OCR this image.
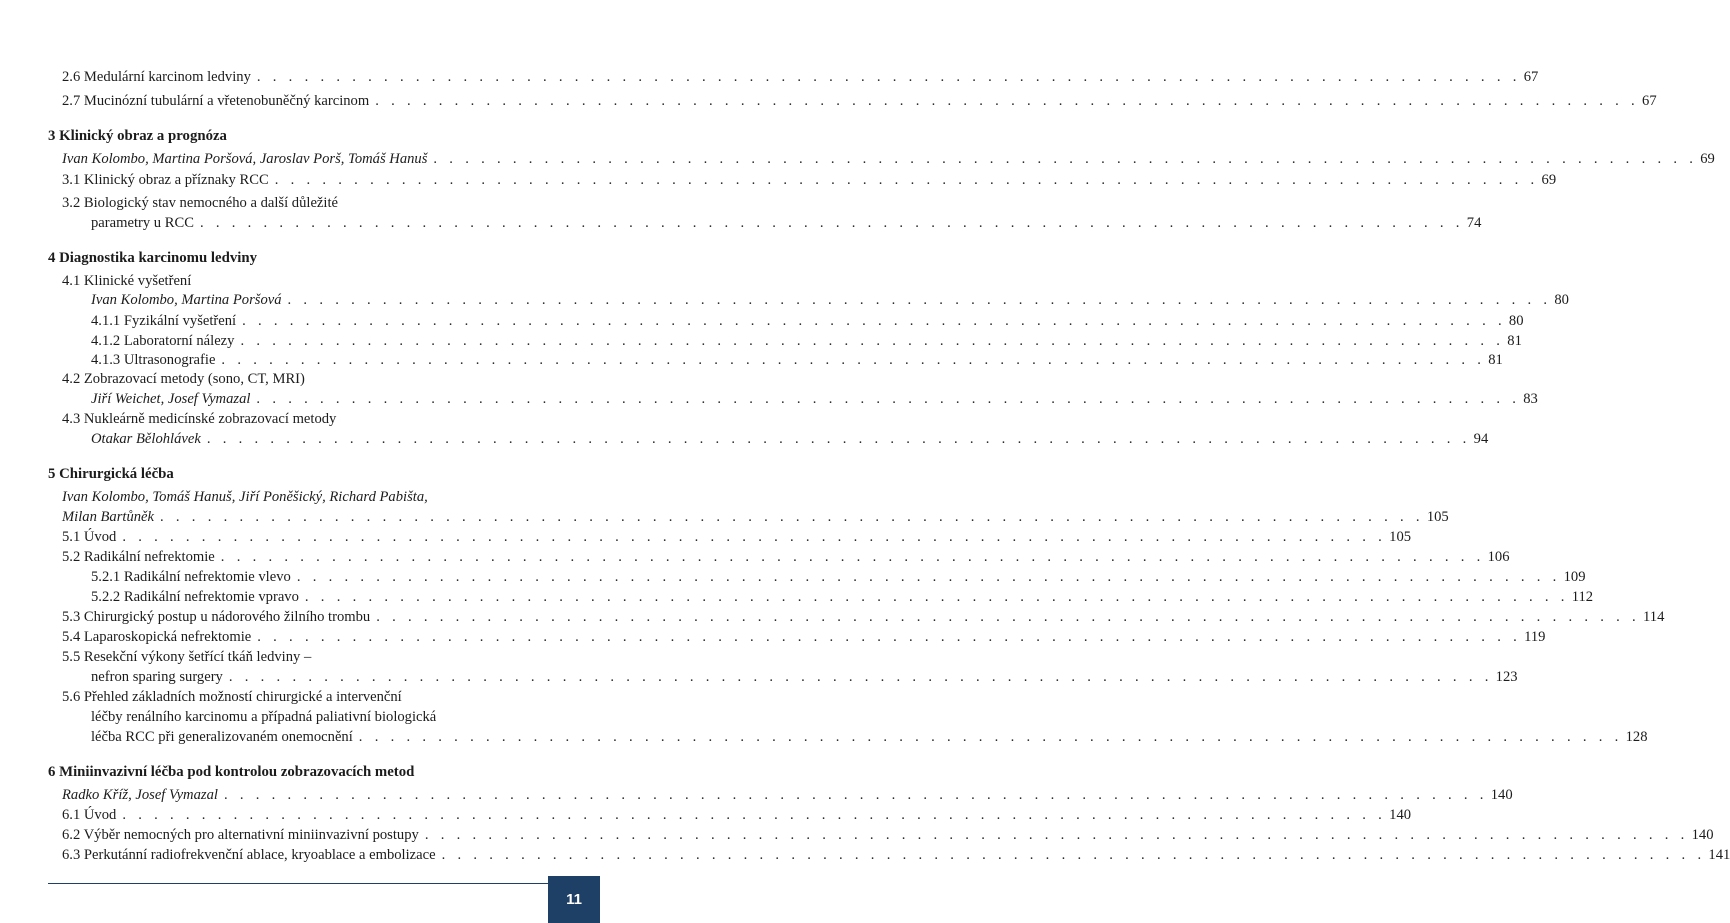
2.6 Medulární karcinom ledviny . . . . . . . . . . . . . . . . . . . . . . . . . . . . . . . . . . . . . . . . . . . . . . . . . . . . . . . . . . . . . . . . . . . . . . . . . . . . . . . . 67
2.7 Mucinózní tubulární a vřetenobuněčný karcinom . . . . . . . . . . . . . . . . . . . . . . . . . . . . . . . . . . . . . . . . . . . . . . . . . . . . . . . . . . . . . . . . . . . . . . . . . . . . . . . . 67
3 Klinický obraz a prognóza
Ivan Kolombo, Martina Poršová, Jaroslav Porš, Tomáš Hanuš . . . . . . . . . . . . . . . . . . . . . . . . . . . . . . . . . . . . . . . . . . . . . . . . . . . . . . . . . . . . . . . . . . . . . . . . . . . . . . . . 69
3.1 Klinický obraz a příznaky RCC . . . . . . . . . . . . . . . . . . . . . . . . . . . . . . . . . . . . . . . . . . . . . . . . . . . . . . . . . . . . . . . . . . . . . . . . . . . . . . . . 69
3.2 Biologický stav nemocného a další důležité
parametry u RCC . . . . . . . . . . . . . . . . . . . . . . . . . . . . . . . . . . . . . . . . . . . . . . . . . . . . . . . . . . . . . . . . . . . . . . . . . . . . . . . . 74
4 Diagnostika karcinomu ledviny
4.1 Klinické vyšetření
Ivan Kolombo, Martina Poršová . . . . . . . . . . . . . . . . . . . . . . . . . . . . . . . . . . . . . . . . . . . . . . . . . . . . . . . . . . . . . . . . . . . . . . . . . . . . . . . . 80
4.1.1 Fyzikální vyšetření . . . . . . . . . . . . . . . . . . . . . . . . . . . . . . . . . . . . . . . . . . . . . . . . . . . . . . . . . . . . . . . . . . . . . . . . . . . . . . . . 80
4.1.2 Laboratorní nálezy . . . . . . . . . . . . . . . . . . . . . . . . . . . . . . . . . . . . . . . . . . . . . . . . . . . . . . . . . . . . . . . . . . . . . . . . . . . . . . . . 81
4.1.3 Ultrasonografie . . . . . . . . . . . . . . . . . . . . . . . . . . . . . . . . . . . . . . . . . . . . . . . . . . . . . . . . . . . . . . . . . . . . . . . . . . . . . . . . 81
4.2 Zobrazovací metody (sono, CT, MRI)
Jiří Weichet, Josef Vymazal . . . . . . . . . . . . . . . . . . . . . . . . . . . . . . . . . . . . . . . . . . . . . . . . . . . . . . . . . . . . . . . . . . . . . . . . . . . . . . . . 83
4.3 Nukleárně medicínské zobrazovací metody
Otakar Bělohlávek . . . . . . . . . . . . . . . . . . . . . . . . . . . . . . . . . . . . . . . . . . . . . . . . . . . . . . . . . . . . . . . . . . . . . . . . . . . . . . . . 94
5 Chirurgická léčba
Ivan Kolombo, Tomáš Hanuš, Jiří Poněšický, Richard Pabišta,
Milan Bartůněk . . . . . . . . . . . . . . . . . . . . . . . . . . . . . . . . . . . . . . . . . . . . . . . . . . . . . . . . . . . . . . . . . . . . . . . . . . . . . . . . 105
5.1 Úvod . . . . . . . . . . . . . . . . . . . . . . . . . . . . . . . . . . . . . . . . . . . . . . . . . . . . . . . . . . . . . . . . . . . . . . . . . . . . . . . . 105
5.2 Radikální nefrektomie . . . . . . . . . . . . . . . . . . . . . . . . . . . . . . . . . . . . . . . . . . . . . . . . . . . . . . . . . . . . . . . . . . . . . . . . . . . . . . . . 106
5.2.1 Radikální nefrektomie vlevo . . . . . . . . . . . . . . . . . . . . . . . . . . . . . . . . . . . . . . . . . . . . . . . . . . . . . . . . . . . . . . . . . . . . . . . . . . . . . . . . 109
5.2.2 Radikální nefrektomie vpravo . . . . . . . . . . . . . . . . . . . . . . . . . . . . . . . . . . . . . . . . . . . . . . . . . . . . . . . . . . . . . . . . . . . . . . . . . . . . . . . . 112
5.3 Chirurgický postup u nádorového žilního trombu . . . . . . . . . . . . . . . . . . . . . . . . . . . . . . . . . . . . . . . . . . . . . . . . . . . . . . . . . . . . . . . . . . . . . . . . . . . . . . . . 114
5.4 Laparoskopická nefrektomie . . . . . . . . . . . . . . . . . . . . . . . . . . . . . . . . . . . . . . . . . . . . . . . . . . . . . . . . . . . . . . . . . . . . . . . . . . . . . . . . 119
5.5 Resekční výkony šetřící tkáň ledviny –
nefron sparing surgery . . . . . . . . . . . . . . . . . . . . . . . . . . . . . . . . . . . . . . . . . . . . . . . . . . . . . . . . . . . . . . . . . . . . . . . . . . . . . . . . 123
5.6 Přehled základních možností chirurgické a intervenční
léčby renálního karcinomu a případná paliativní biologická
léčba RCC při generalizovaném onemocnění . . . . . . . . . . . . . . . . . . . . . . . . . . . . . . . . . . . . . . . . . . . . . . . . . . . . . . . . . . . . . . . . . . . . . . . . . . . . . . . . 128
6 Miniinvazivní léčba pod kontrolou zobrazovacích metod
Radko Kříž, Josef Vymazal . . . . . . . . . . . . . . . . . . . . . . . . . . . . . . . . . . . . . . . . . . . . . . . . . . . . . . . . . . . . . . . . . . . . . . . . . . . . . . . . 140
6.1 Úvod . . . . . . . . . . . . . . . . . . . . . . . . . . . . . . . . . . . . . . . . . . . . . . . . . . . . . . . . . . . . . . . . . . . . . . . . . . . . . . . . 140
6.2 Výběr nemocných pro alternativní miniinvazivní postupy . . . . . . . . . . . . . . . . . . . . . . . . . . . . . . . . . . . . . . . . . . . . . . . . . . . . . . . . . . . . . . . . . . . . . . . . . . . . . . . . 140
6.3 Perkutánní radiofrekvenční ablace, kryoablace a embolizace . . . . . . . . . . . . . . . . . . . . . . . . . . . . . . . . . . . . . . . . . . . . . . . . . . . . . . . . . . . . . . . . . . . . . . . . . . . . . . . . 141
11
